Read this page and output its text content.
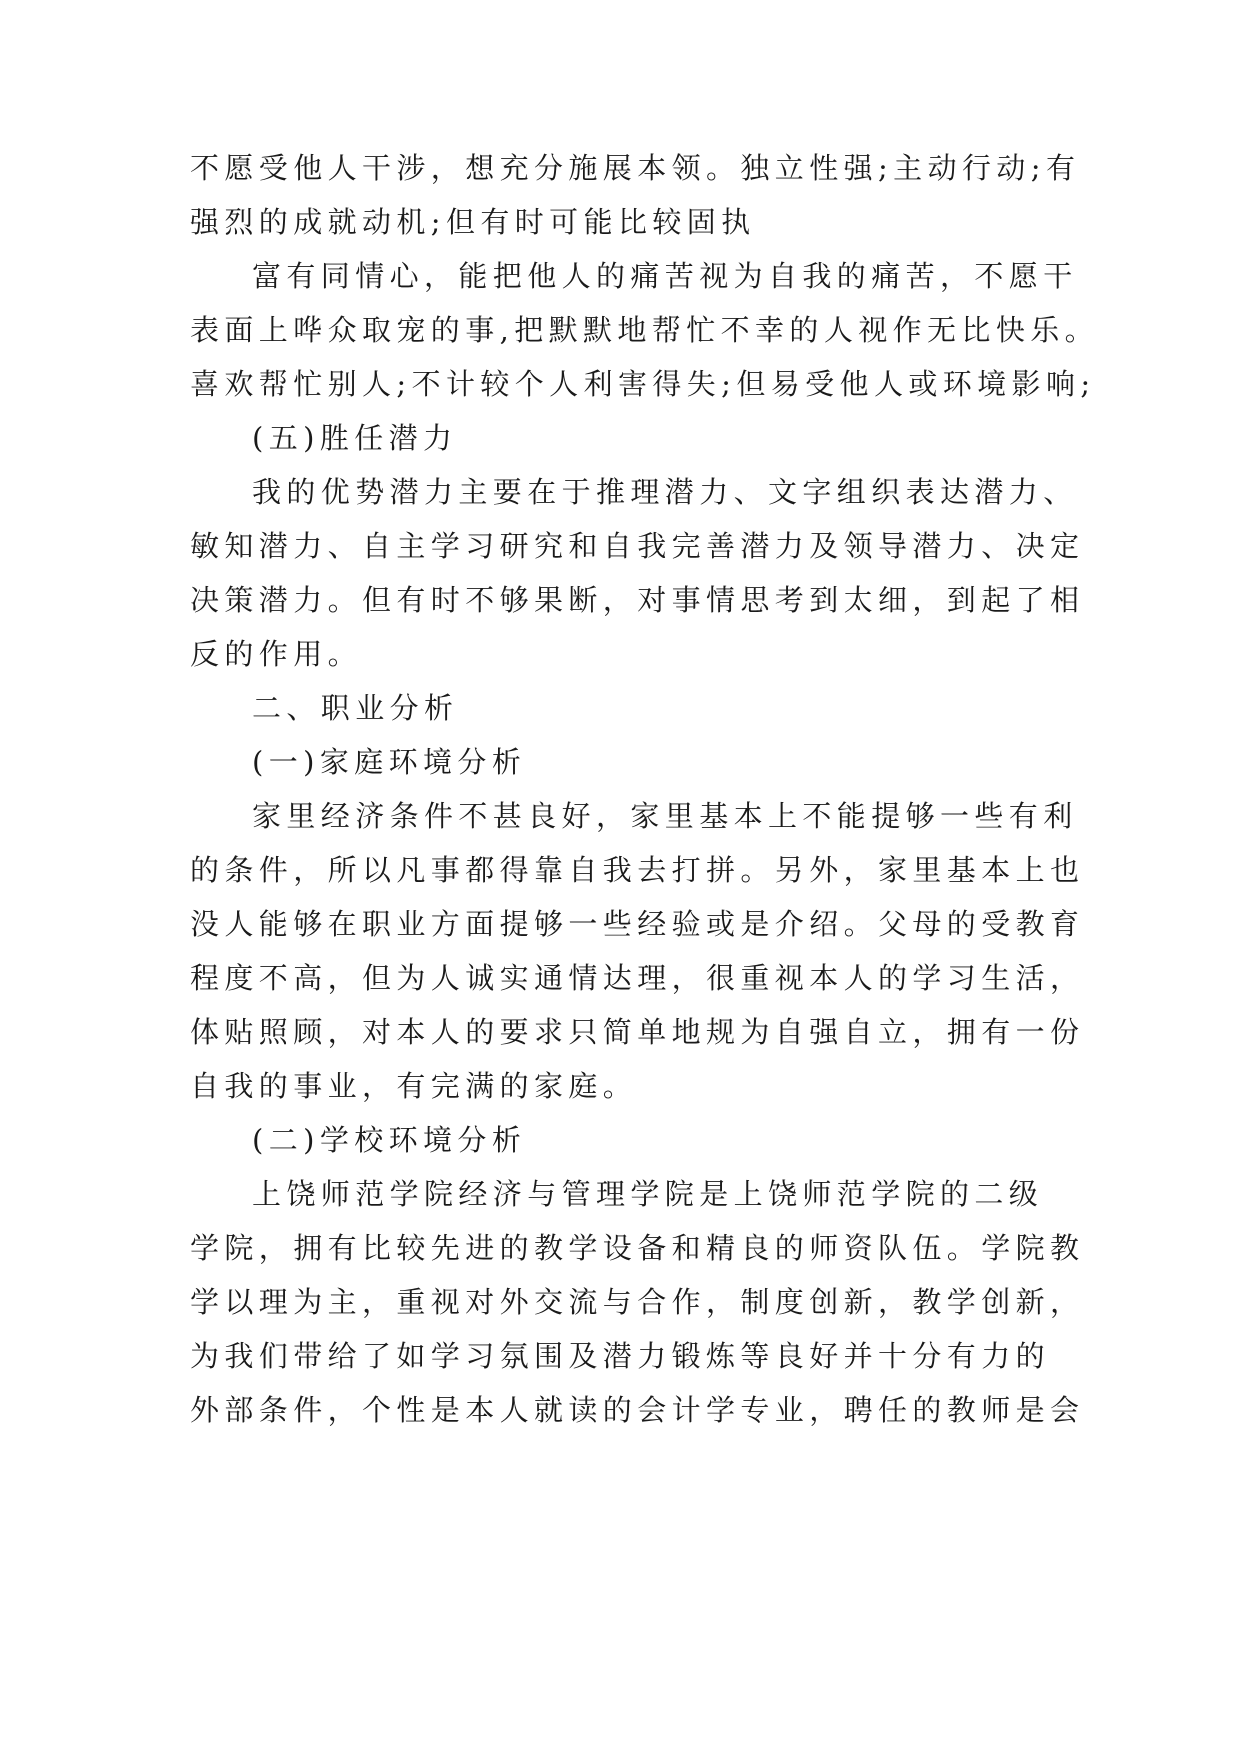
不愿受他人干涉，想充分施展本领。独立性强;主动行动;有
强烈的成就动机;但有时可能比较固执
富有同情心，能把他人的痛苦视为自我的痛苦，不愿干
表面上哗众取宠的事,把默默地帮忙不幸的人视作无比快乐。
喜欢帮忙别人;不计较个人利害得失;但易受他人或环境影响;
(五)胜任潜力
我的优势潜力主要在于推理潜力、文字组织表达潜力、
敏知潜力、自主学习研究和自我完善潜力及领导潜力、决定
决策潜力。但有时不够果断，对事情思考到太细，到起了相
反的作用。
二、职业分析
(一)家庭环境分析
家里经济条件不甚良好，家里基本上不能提够一些有利
的条件，所以凡事都得靠自我去打拼。另外，家里基本上也
没人能够在职业方面提够一些经验或是介绍。父母的受教育
程度不高，但为人诚实通情达理，很重视本人的学习生活，
体贴照顾，对本人的要求只简单地规为自强自立，拥有一份
自我的事业，有完满的家庭。
(二)学校环境分析
上饶师范学院经济与管理学院是上饶师范学院的二级
学院，拥有比较先进的教学设备和精良的师资队伍。学院教
学以理为主，重视对外交流与合作，制度创新，教学创新，
为我们带给了如学习氛围及潜力锻炼等良好并十分有力的
外部条件，个性是本人就读的会计学专业，聘任的教师是会
